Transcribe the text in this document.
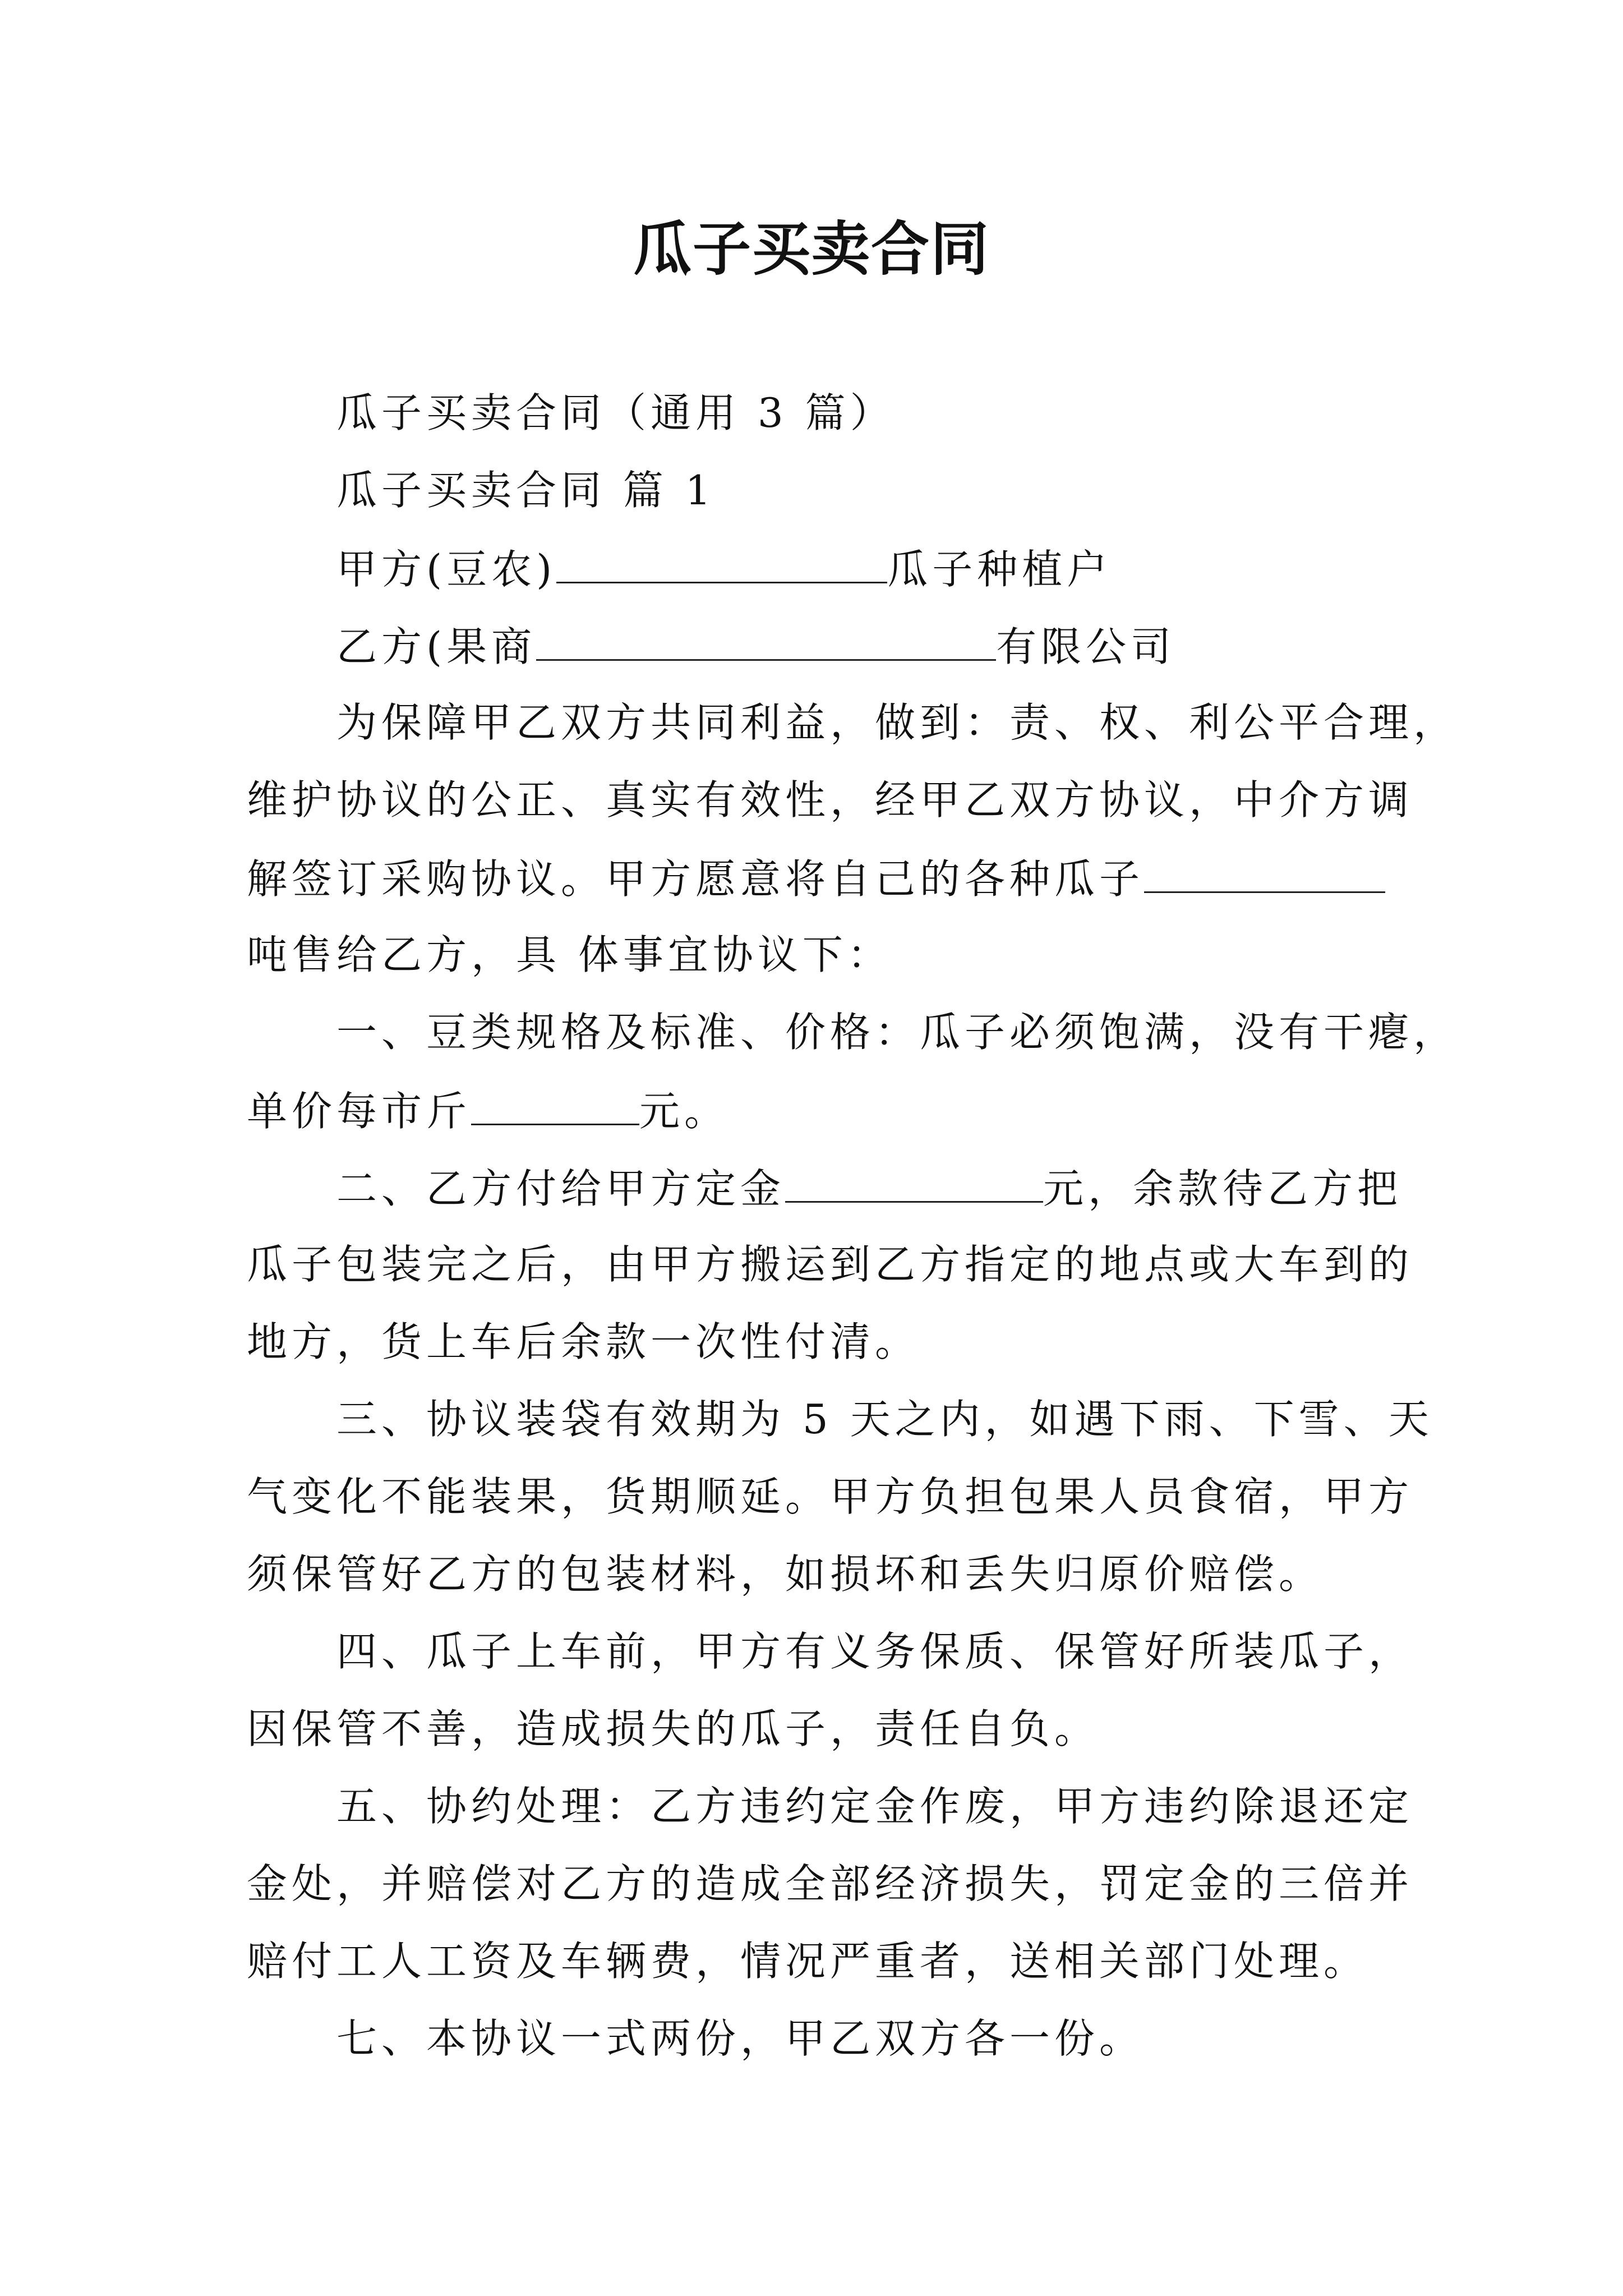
瓜子买卖合同
瓜子买卖合同（通用 3 篇）
瓜子买卖合同 篇 1
甲方(豆农)	瓜子种植户
乙方(果商	有限公司
为保障甲乙双方共同利益，做到：责、权、利公平合理，
维护协议的公正、真实有效性，经甲乙双方协议，中介方调
解签订采购协议。甲方愿意将自己的各种瓜子
吨售给乙方，具 体事宜协议下：
一、豆类规格及标准、价格：瓜子必须饱满，没有干瘪，
单价每市斤	元。
二、乙方付给甲方定金	元，余款待乙方把
瓜子包装完之后，由甲方搬运到乙方指定的地点或大车到的
地方，货上车后余款一次性付清。
三、协议装袋有效期为 5 天之内，如遇下雨、下雪、天
气变化不能装果，货期顺延。甲方负担包果人员食宿，甲方
须保管好乙方的包装材料，如损坏和丢失归原价赔偿。
四、瓜子上车前，甲方有义务保质、保管好所装瓜子，
因保管不善，造成损失的瓜子，责任自负。
五、协约处理：乙方违约定金作废，甲方违约除退还定
金处，并赔偿对乙方的造成全部经济损失，罚定金的三倍并
赔付工人工资及车辆费，情况严重者，送相关部门处理。
七、本协议一式两份，甲乙双方各一份。
